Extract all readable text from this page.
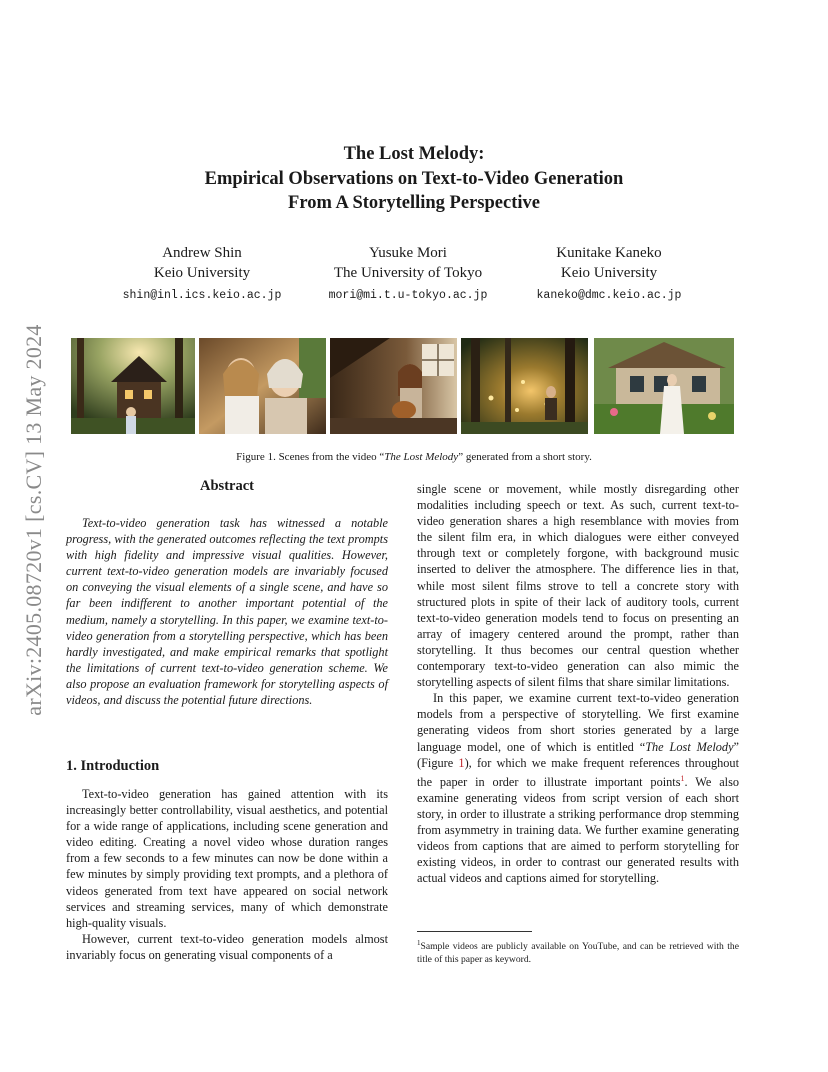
arXiv:2405.08720v1 [cs.CV] 13 May 2024
The Lost Melody:
Empirical Observations on Text-to-Video Generation
From A Storytelling Perspective
Andrew Shin
Keio University
shin@inl.ics.keio.ac.jp
Yusuke Mori
The University of Tokyo
mori@mi.t.u-tokyo.ac.jp
Kunitake Kaneko
Keio University
kaneko@dmc.keio.ac.jp
Figure 1. Scenes from the video “The Lost Melody” generated from a short story.
Abstract

Text-to-video generation task has witnessed a notable progress, with the generated outcomes reflecting the text prompts with high fidelity and impressive visual qualities. However, current text-to-video generation models are invariably focused on conveying the visual elements of a single scene, and have so far been indifferent to another important potential of the medium, namely a storytelling. In this paper, we examine text-to-video generation from a storytelling perspective, which has been hardly investigated, and make empirical remarks that spotlight the limitations of current text-to-video generation scheme. We also propose an evaluation framework for storytelling aspects of videos, and discuss the potential future directions.

1. Introduction

Text-to-video generation has gained attention with its increasingly better controllability, visual aesthetics, and potential for a wide range of applications, including scene generation and video editing. Creating a novel video whose duration ranges from a few seconds to a few minutes can now be done within a few minutes by simply providing text prompts, and a plethora of videos generated from text have appeared on social network services and streaming services, many of which demonstrate high-quality visuals.

However, current text-to-video generation models almost invariably focus on generating visual components of a

single scene or movement, while mostly disregarding other modalities including speech or text. As such, current text-to-video generation shares a high resemblance with movies from the silent film era, in which dialogues were either conveyed through text or completely forgone, with background music inserted to deliver the atmosphere. The difference lies in that, while most silent films strove to tell a concrete story with structured plots in spite of their lack of auditory tools, current text-to-video generation models tend to focus on presenting an array of imagery centered around the prompt, rather than storytelling. It thus becomes our central question whether contemporary text-to-video generation can also mimic the storytelling aspects of silent films that share similar limitations.

In this paper, we examine current text-to-video generation models from a perspective of storytelling. We first examine generating videos from short stories generated by a large language model, one of which is entitled “The Lost Melody” (Figure 1), for which we make frequent references throughout the paper in order to illustrate important points$^1$. We also examine generating videos from script version of each short story, in order to illustrate a striking performance drop stemming from asymmetry in training data. We further examine generating videos from captions that are aimed to perform storytelling for existing videos, in order to contrast our generated results with actual videos and captions aimed for storytelling.

$^1$Sample videos are publicly available on YouTube, and can be retrieved with the title of this paper as keyword.
